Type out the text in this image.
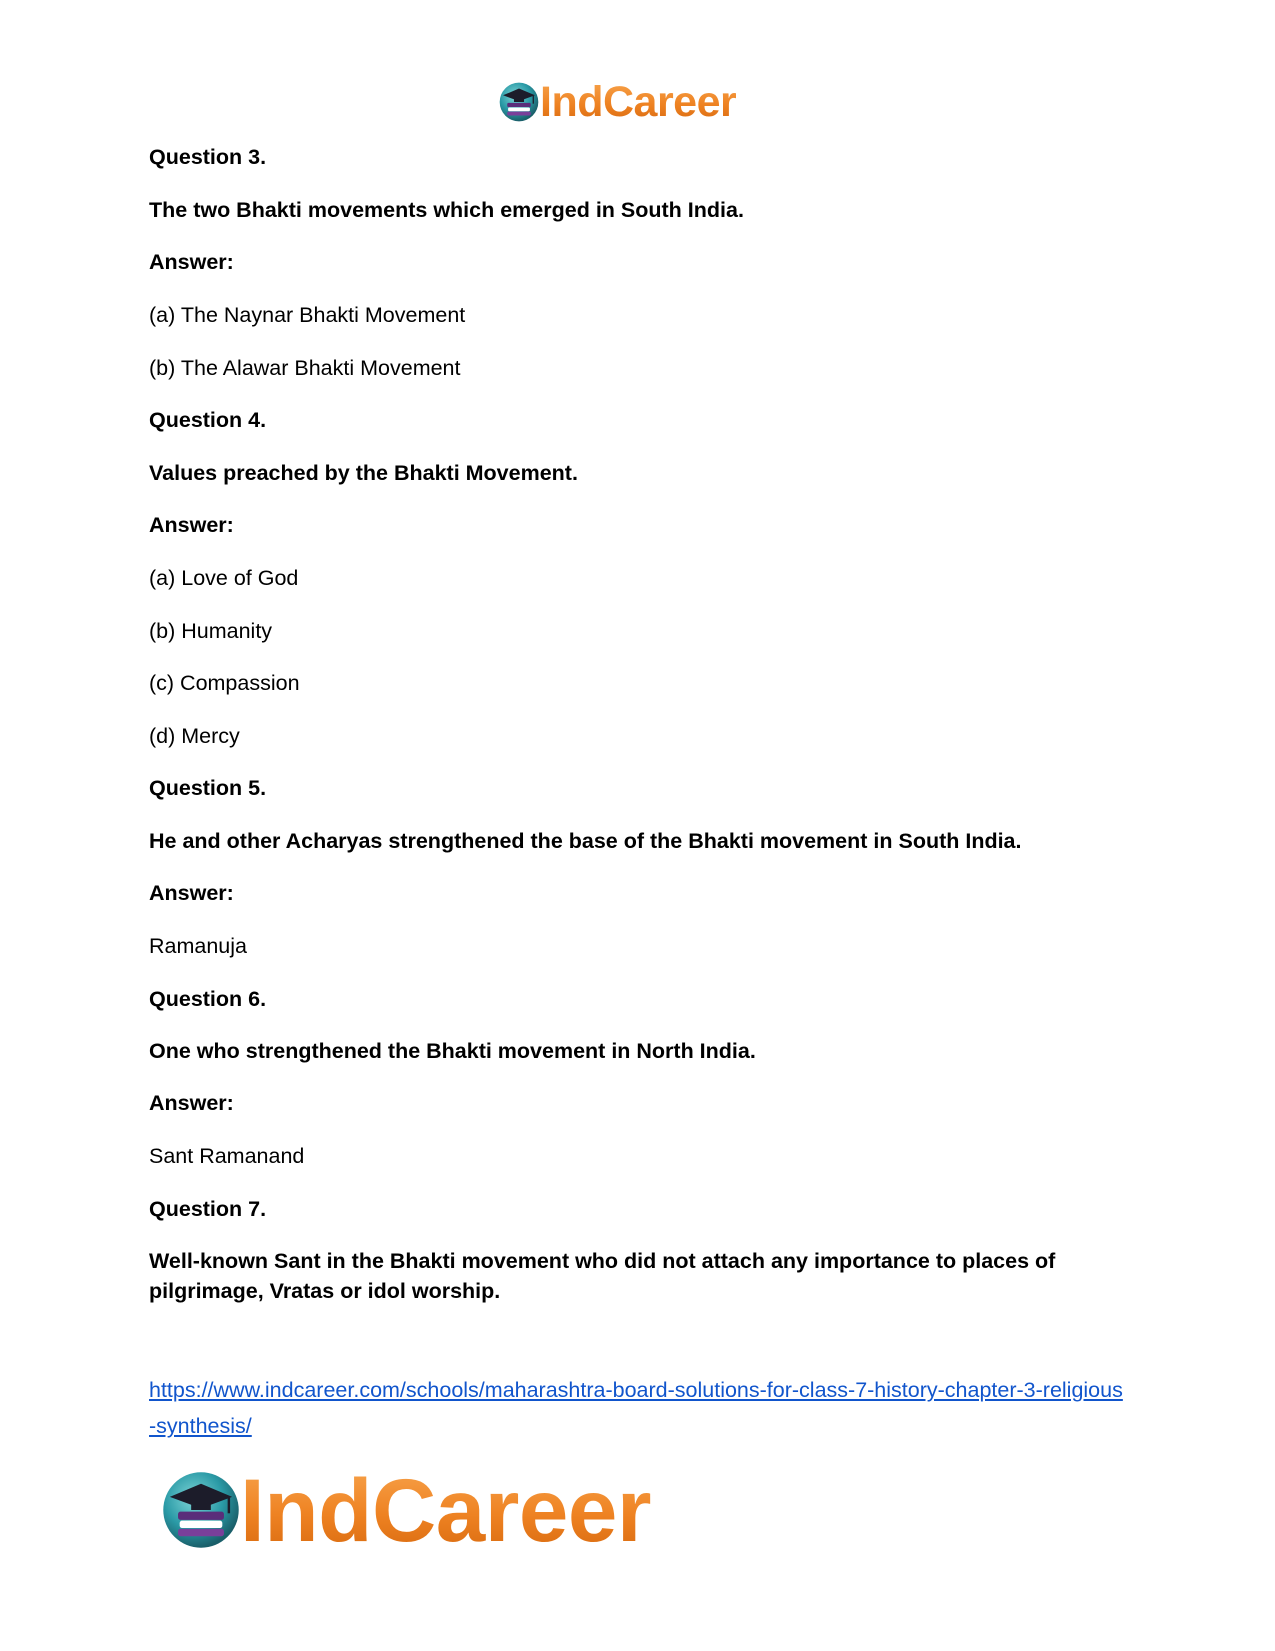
IndCareer
Question 3.
The two Bhakti movements which emerged in South India.
Answer:
(a) The Naynar Bhakti Movement
(b) The Alawar Bhakti Movement
Question 4.
Values preached by the Bhakti Movement.
Answer:
(a) Love of God
(b) Humanity
(c) Compassion
(d) Mercy
Question 5.
He and other Acharyas strengthened the base of the Bhakti movement in South India.
Answer:
Ramanuja
Question 6.
One who strengthened the Bhakti movement in North India.
Answer:
Sant Ramanand
Question 7.
Well-known Sant in the Bhakti movement who did not attach any importance to places of pilgrimage, Vratas or idol worship.
https://www.indcareer.com/schools/maharashtra-board-solutions-for-class-7-history-chapter-3-religious-synthesis/
IndCareer
